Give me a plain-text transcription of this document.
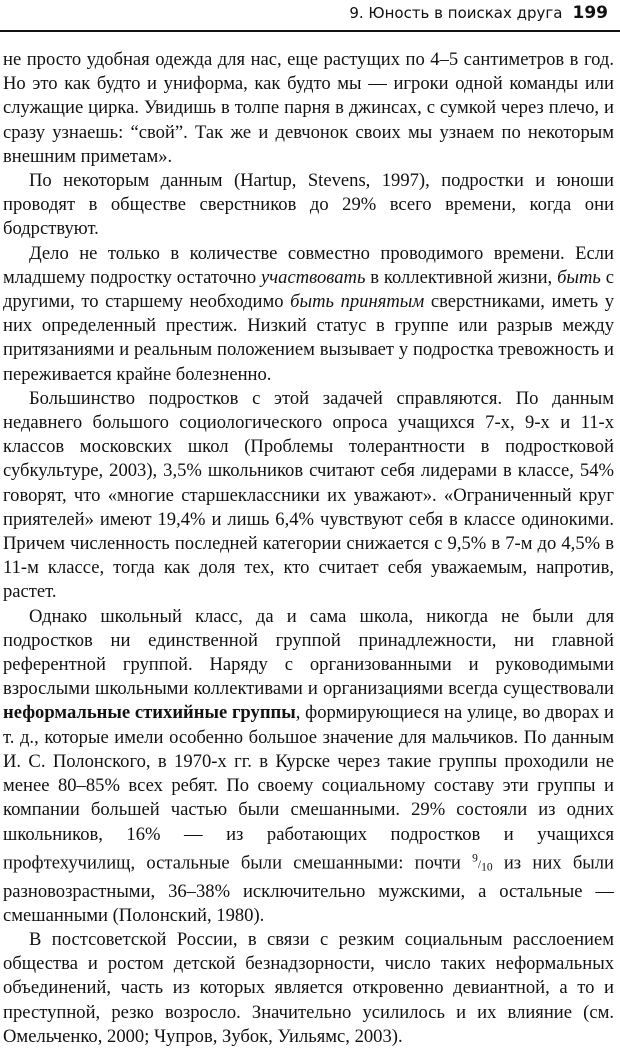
9. Юность в поисках друга 199

не просто удобная одежда для нас, еще растущих по 4–5 сантиметров в год. Но это как будто и униформа, как будто мы — игроки одной команды или служащие цирка. Увидишь в толпе парня в джинсах, с сумкой через плечо, и сразу узнаешь: “свой”. Так же и девчонок своих мы узнаем по некоторым внешним приметам».

По некоторым данным (Hartup, Stevens, 1997), подростки и юноши проводят в обществе сверстников до 29% всего времени, когда они бодрствуют.

Дело не только в количестве совместно проводимого времени. Если младшему подростку остаточно участвовать в коллективной жизни, быть с другими, то старшему необходимо быть принятым сверстниками, иметь у них определенный престиж. Низкий статус в группе или разрыв между притязаниями и реальным положением вызывает у подростка тревожность и переживается крайне болезненно.

Большинство подростков с этой задачей справляются. По данным недавнего большого социологического опроса учащихся 7-х, 9-х и 11-х классов московских школ (Проблемы толерантности в подростковой субкультуре, 2003), 3,5% школьников считают себя лидерами в классе, 54% говорят, что «многие старшеклассники их уважают». «Ограниченный круг приятелей» имеют 19,4% и лишь 6,4% чувствуют себя в классе одинокими. Причем численность последней категории снижается с 9,5% в 7-м до 4,5% в 11-м классе, тогда как доля тех, кто считает себя уважаемым, напротив, растет.

Однако школьный класс, да и сама школа, никогда не были для подростков ни единственной группой принадлежности, ни главной референтной группой. Наряду с организованными и руководимыми взрослыми школьными коллективами и организациями всегда существовали неформальные стихийные группы, формирующиеся на улице, во дворах и т. д., которые имели особенно большое значение для мальчиков. По данным И. С. Полонского, в 1970-х гг. в Курске через такие группы проходили не менее 80–85% всех ребят. По своему социальному составу эти группы и компании большей частью были смешанными. 29% состояли из одних школьников, 16% — из работающих подростков и учащихся профтехучилищ, остальные были смешанными: почти $^9/_{10}$ из них были разновозрастными, 36–38% исключительно мужскими, а остальные — смешанными (Полонский, 1980).

В постсоветской России, в связи с резким социальным расслоением общества и ростом детской безнадзорности, число таких неформальных объединений, часть из которых является откровенно девиантной, а то и преступной, резко возросло. Значительно усилилось и их влияние (см. Омельченко, 2000; Чупров, Зубок, Уильямс, 2003).
